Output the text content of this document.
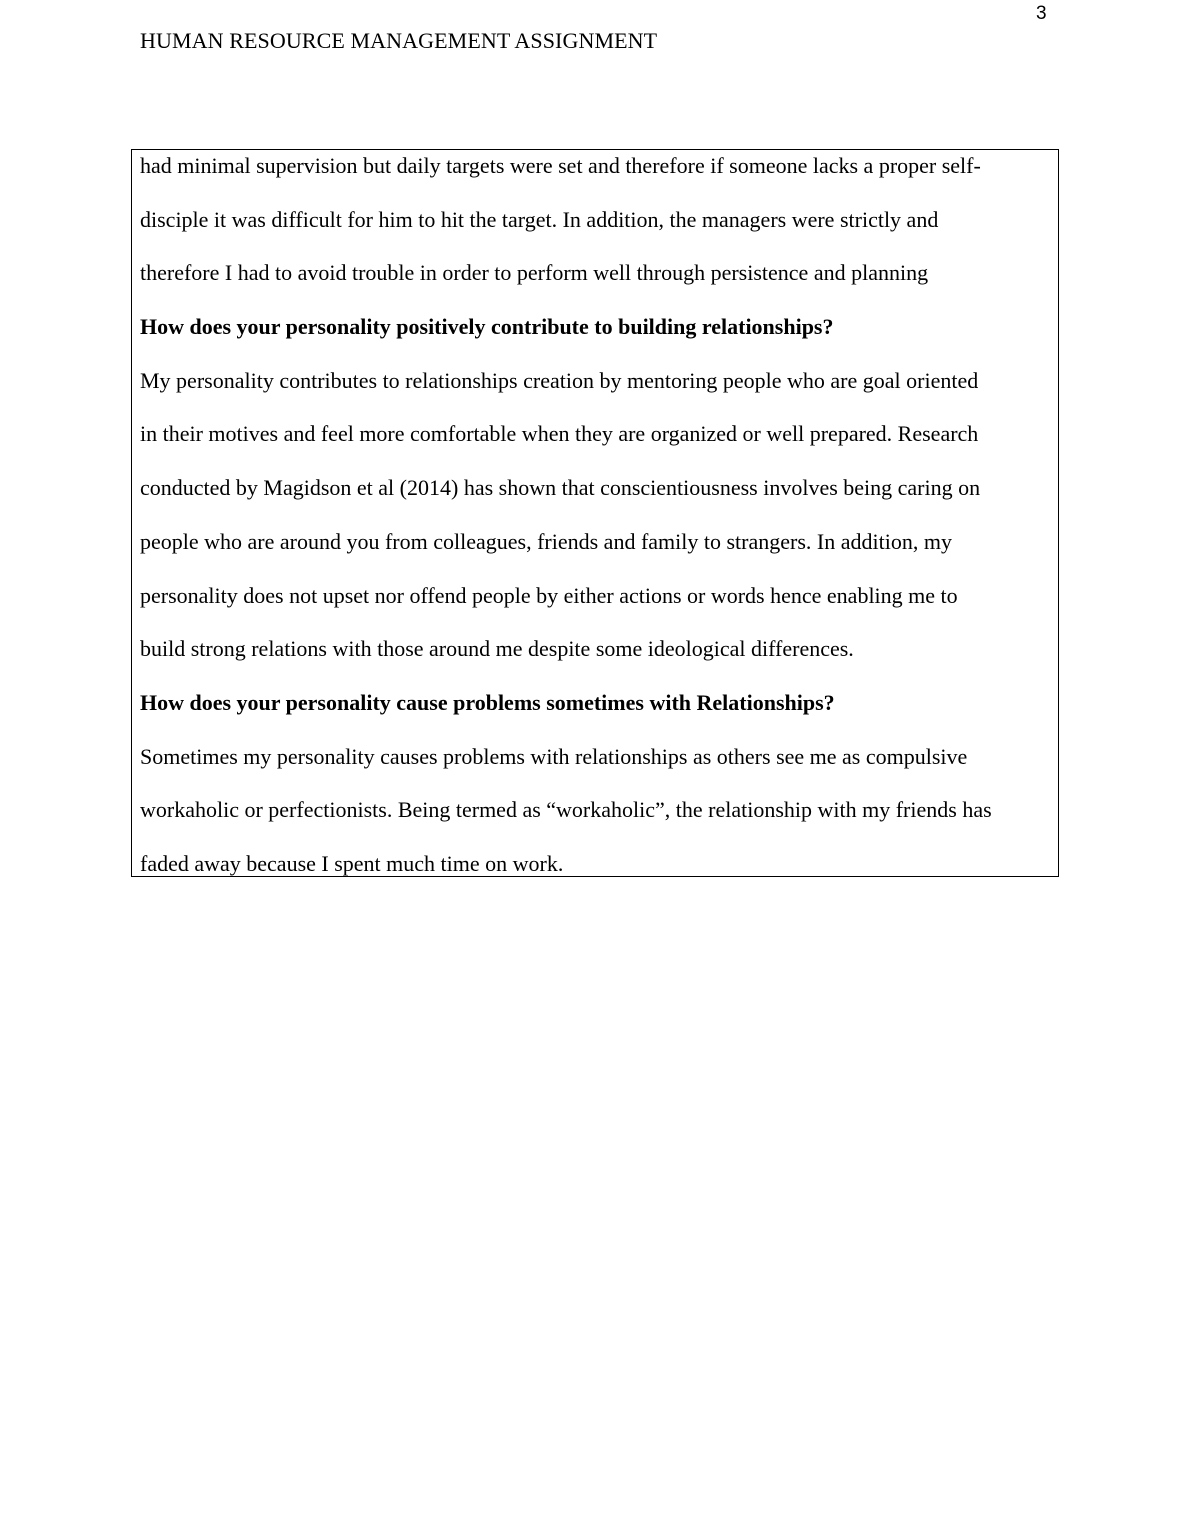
3
HUMAN RESOURCE MANAGEMENT ASSIGNMENT
had minimal supervision but daily targets were set and therefore if someone lacks a proper self-
disciple it was difficult for him to hit the target. In addition, the managers were strictly and
therefore I had to avoid trouble in order to perform well through persistence and planning
How does your personality positively contribute to building relationships?
My personality contributes to relationships creation by mentoring people who are goal oriented
in their motives and feel more comfortable when they are organized or well prepared. Research
conducted by Magidson et al (2014) has shown that conscientiousness involves being caring on
people who are around you from colleagues, friends and family to strangers. In addition, my
personality does not upset nor offend people by either actions or words hence enabling me to
build strong relations with those around me despite some ideological differences.
How does your personality cause problems sometimes with Relationships?
Sometimes my personality causes problems with relationships as others see me as compulsive
workaholic or perfectionists. Being termed as “workaholic”, the relationship with my friends has
faded away because I spent much time on work.
